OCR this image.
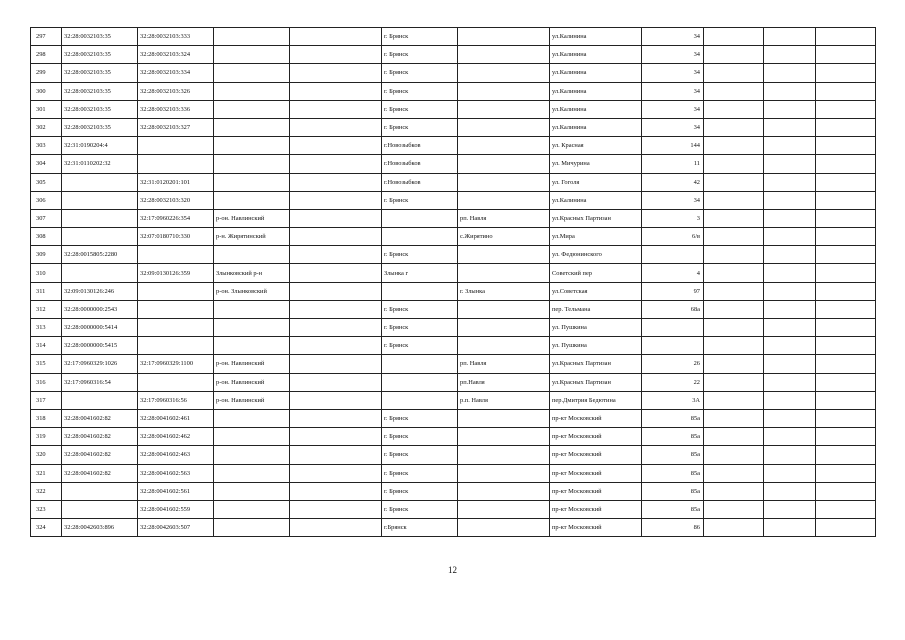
297	32:28:0032103:35	32:28:0032103:333			г. Брянск		ул.Калинина	34			
298	32:28:0032103:35	32:28:0032103:324			г. Брянск		ул.Калинина	34			
299	32:28:0032103:35	32:28:0032103:334			г. Брянск		ул.Калинина	34			
300	32:28:0032103:35	32:28:0032103:326			г. Брянск		ул.Калинина	34			
301	32:28:0032103:35	32:28:0032103:336			г. Брянск		ул.Калинина	34			
302	32:28:0032103:35	32:28:0032103:327			г. Брянск		ул.Калинина	34			
303	32:31:0190204:4				г.Новозыбков		ул. Красная	144			
304	32:31:0110202:32				г.Новозыбков		ул. Мичурина	11			
305		32:31:0120201:101			г.Новозыбков		ул. Гоголя	42			
306		32:28:0032103:320			г. Брянск		ул.Калинина	34			
307		32:17:0960226:354	р-он. Навлинский			рп. Навля	ул.Красных Партизан	3			
308		32:07:0180710:330	р-н. Жирятинский			с.Жирятино	ул.Мира	6/в			
309	32:28:0015805:2280				г. Брянск		ул. Федюнинского				
310		32:09:0130126:359	Злынковский р-н		Злынка г		Советский пер	4			
311	32:09:0130126:246		р-он. Злынковский			г. Злынка	ул.Советская	97			
312	32:28:0000000:2543				г. Брянск		пер. Тельмана	68а			
313	32:28:0000000:5414				г. Брянск		ул. Пушкина				
314	32:28:0000000:5415				г. Брянск		ул. Пушкина				
315	32:17:0960329:1026	32:17:0960329:1100	р-он. Навлинский			рп. Навля	ул.Красных Партизан	26			
316	32:17:0960316:54		р-он. Навлинский			рп.Навля	ул.Красных Партизан	22			
317		32:17:0960316:56	р-он. Навлинский			р.п. Навля	пер.Дмитрия Бедютина	3А			
318	32:28:0041602:82	32:28:0041602:461			г. Брянск		пр-кт Московский	85а			
319	32:28:0041602:82	32:28:0041602:462			г. Брянск		пр-кт Московский	85а			
320	32:28:0041602:82	32:28:0041602:463			г. Брянск		пр-кт Московский	85а			
321	32:28:0041602:82	32:28:0041602:563			г. Брянск		пр-кт Московский	85а			
322		32:28:0041602:561			г. Брянск		пр-кт Московский	85а			
323		32:28:0041602:559			г. Брянск		пр-кт Московский	85а			
324	32:28:0042603:896	32:28:0042603:507			г.Брянск		пр-кт Московский	86			
12
